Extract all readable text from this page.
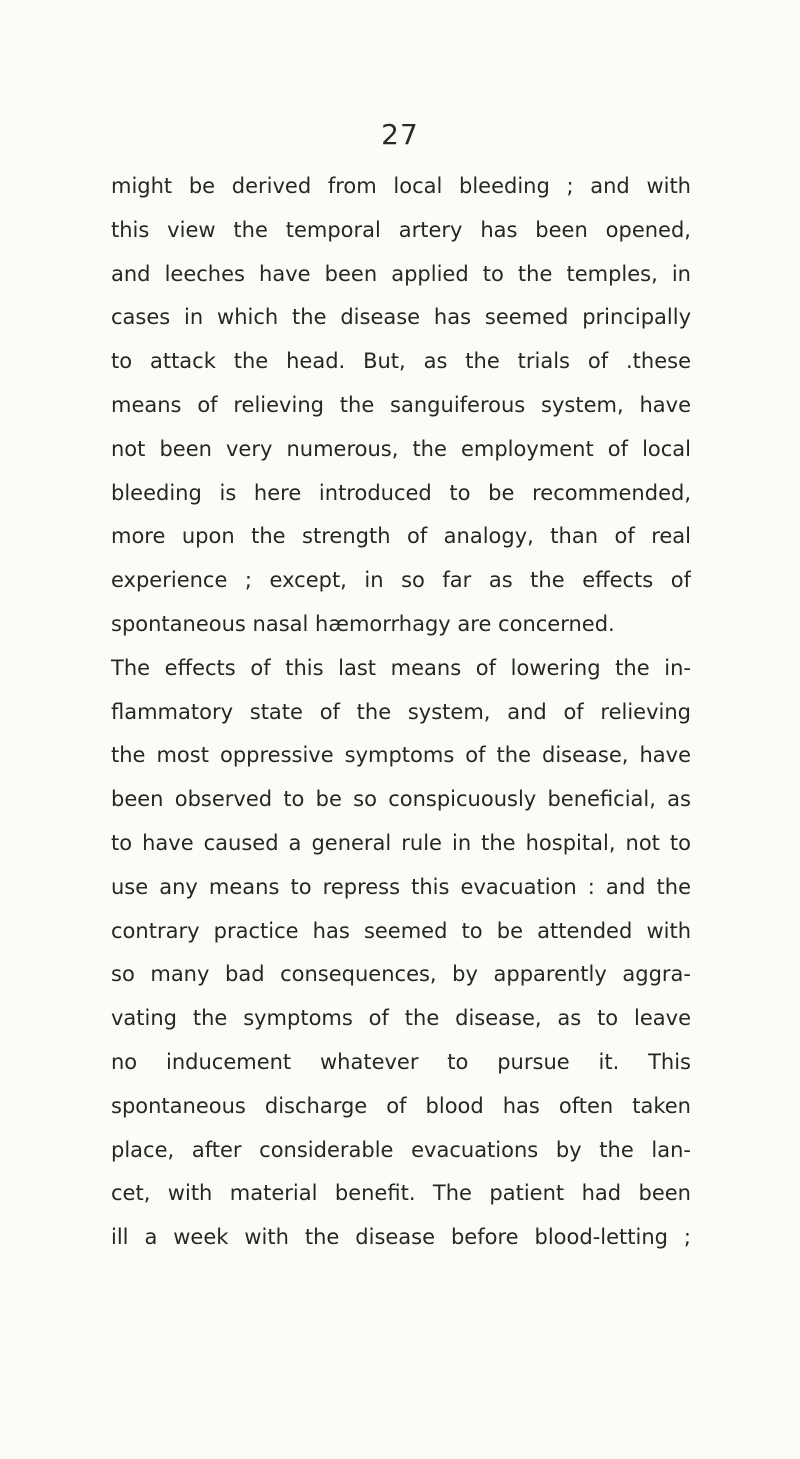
27
might be derived from local bleeding ; and with
this view the temporal artery has been opened,
and leeches have been applied to the temples, in
cases in which the disease has seemed principally
to attack the head. But, as the trials of .these
means of relieving the sanguiferous system, have
not been very numerous, the employment of local
bleeding is here introduced to be recommended,
more upon the strength of analogy, than of real
experience ; except, in so far as the effects of
spontaneous nasal hæmorrhagy are concerned.
The effects of this last means of lowering the in-
flammatory state of the system, and of relieving
the most oppressive symptoms of the disease, have
been observed to be so conspicuously beneficial, as
to have caused a general rule in the hospital, not to
use any means to repress this evacuation : and the
contrary practice has seemed to be attended with
so many bad consequences, by apparently aggra-
vating the symptoms of the disease, as to leave
no inducement whatever to pursue it. This
spontaneous discharge of blood has often taken
place, after considerable evacuations by the lan-
cet, with material benefit. The patient had been
ill a week with the disease before blood-letting ;
